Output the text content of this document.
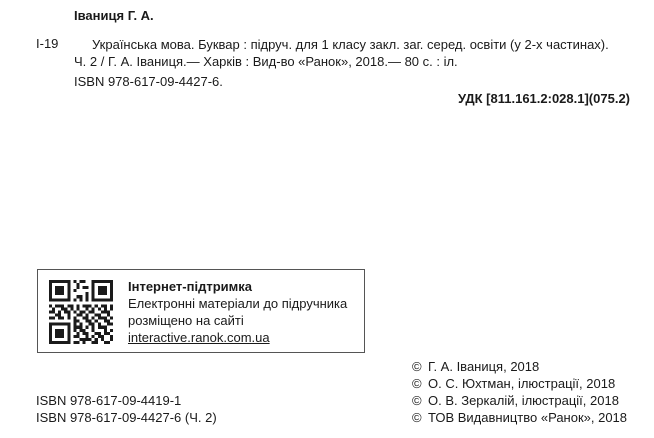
Іваниця Г. А.
І-19	Українська мова. Буквар : підруч. для 1 класу закл. заг. серед. освіти (у 2-х частинах).
Ч. 2 / Г. А. Іваниця.— Харків : Вид-во «Ранок», 2018.— 80 с. : іл.
ISBN 978-617-09-4427-6.
УДК [811.161.2:028.1](075.2)
Інтернет-підтримка
Електронні матеріали до підручника
розміщено на сайті
interactive.ranok.com.ua
ISBN 978-617-09-4419-1
ISBN 978-617-09-4427-6 (Ч. 2)
© Г. А. Іваниця, 2018
© О. С. Юхтман, ілюстрації, 2018
© О. В. Зеркалій, ілюстрації, 2018
© ТОВ Видавництво «Ранок», 2018
